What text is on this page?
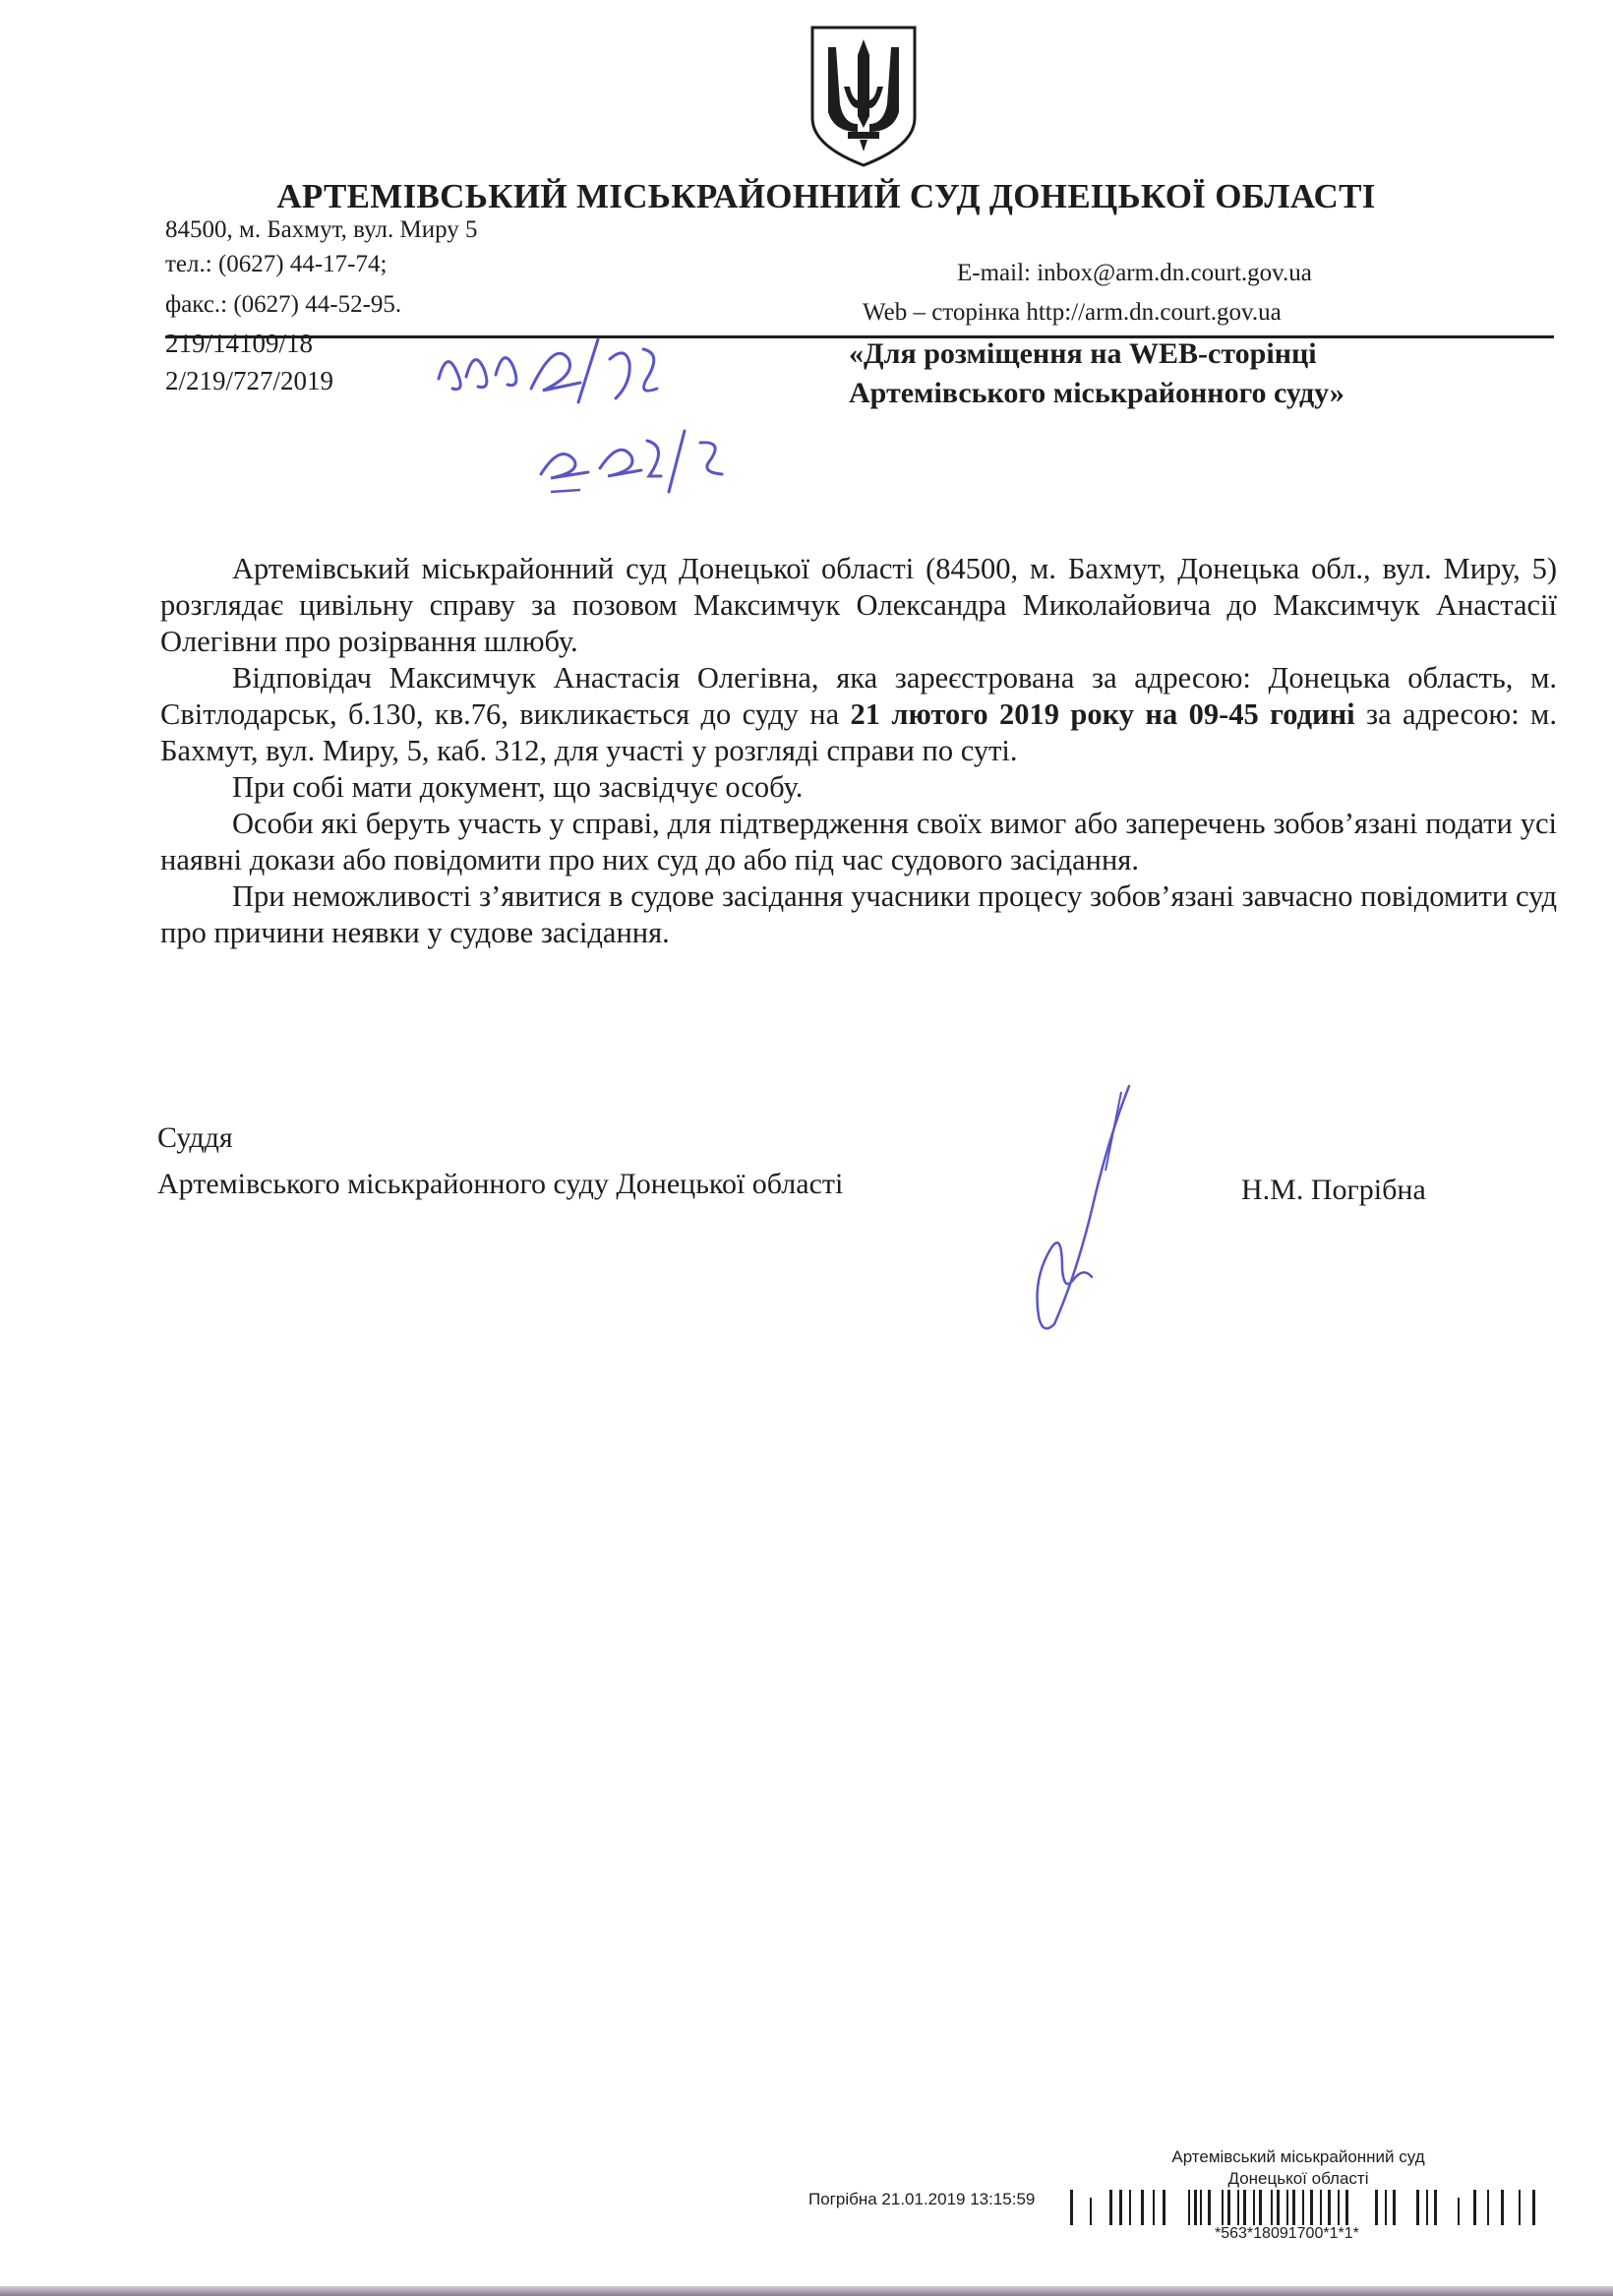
АРТЕМІВСЬКИЙ МІСЬКРАЙОННИЙ СУД ДОНЕЦЬКОЇ ОБЛАСТІ
84500, м. Бахмут, вул. Миру 5
тел.: (0627) 44-17-74;
факс.: (0627) 44-52-95.
E-mail: inbox@arm.dn.court.gov.ua
Web – сторінка http://arm.dn.court.gov.ua
219/14109/18
2/219/727/2019
«Для розміщення на WEB-сторінці
Артемівського міськрайонного суду»

Артемівський міськрайонний суд Донецької області (84500, м. Бахмут, Донецька обл., вул. Миру, 5) розглядає цивільну справу за позовом Максимчук Олександра Миколайовича до Максимчук Анастасії Олегівни про розірвання шлюбу.

Відповідач Максимчук Анастасія Олегівна, яка зареєстрована за адресою: Донецька область, м. Світлодарськ, б.130, кв.76, викликається до суду на 21 лютого 2019 року на 09-45 годині за адресою: м. Бахмут, вул. Миру, 5, каб. 312, для участі у розгляді справи по суті.

При собі мати документ, що засвідчує особу.

Особи які беруть участь у справі, для підтвердження своїх вимог або заперечень зобов’язані подати усі наявні докази або повідомити про них суд до або під час судового засідання.

При неможливості з’явитися в судове засідання учасники процесу зобов’язані завчасно повідомити суд про причини неявки у судове засідання.

Суддя
Артемівського міськрайонного суду Донецької області	Н.М. Погрібна
Артемівський міськрайонний суд
Донецької області
Погрібна 21.01.2019 13:15:59
*563*18091700*1*1*
